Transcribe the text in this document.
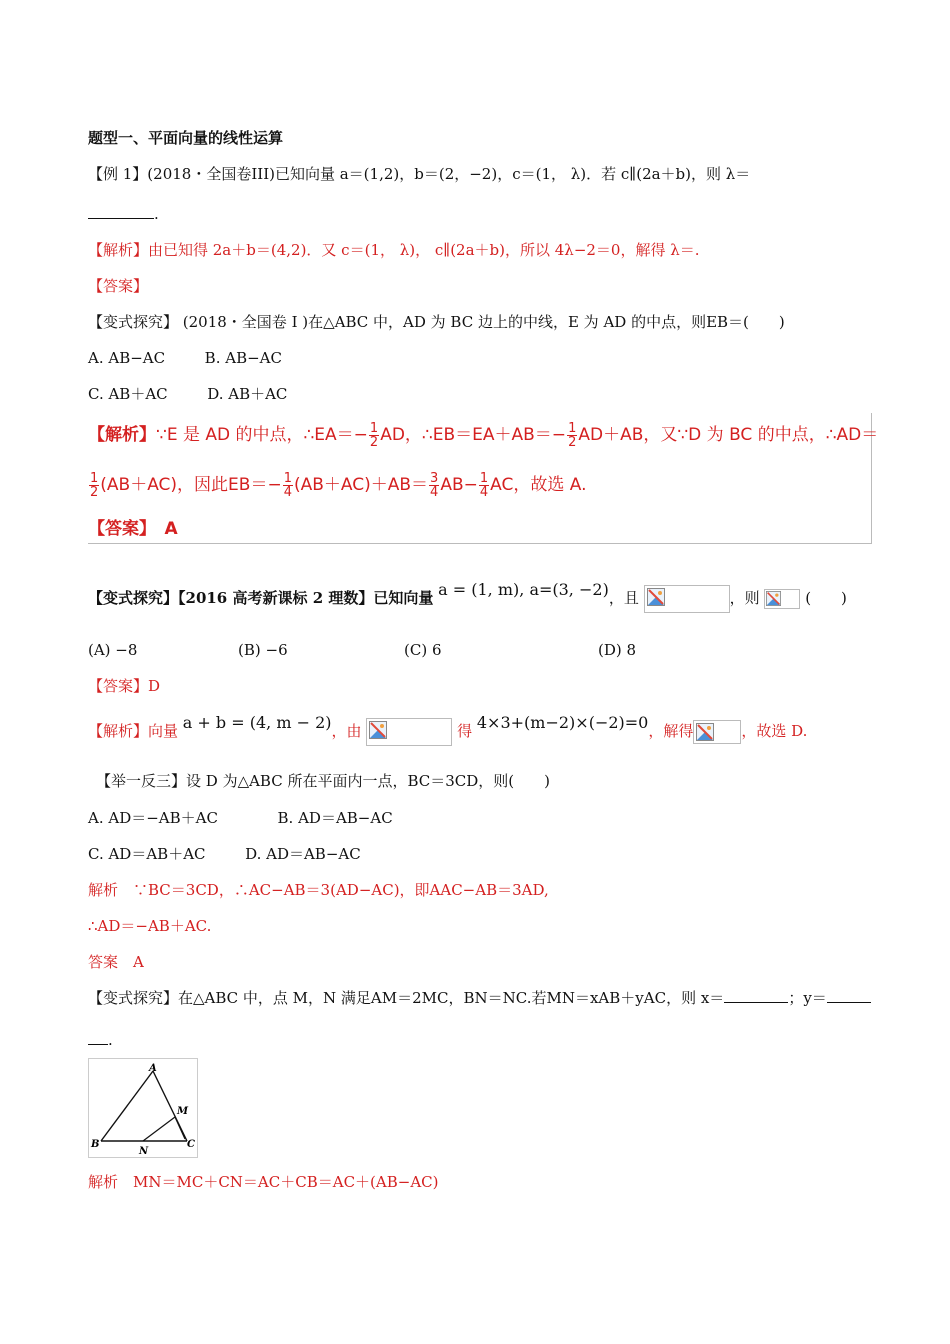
题型一、平面向量的线性运算
【例 1】(2018・全国卷III)已知向量 a＝(1,2)，b＝(2，−2)，c＝(1， λ)．若 c∥(2a＋b)，则 λ＝
.
【解析】由已知得 2a＋b＝(4,2)．又 c＝(1， λ)， c∥(2a＋b)，所以 4λ−2＝0，解得 λ＝.
【答案】
【变式探究】 (2018・全国卷 I )在△ABC 中，AD 为 BC 边上的中线，E 为 AD 的中点，则EB＝(　　)
A. AB−AC	B. AB−AC
C. AB＋AC	D. AB＋AC
【解析】∵E 是 AD 的中点，∴EA＝− $\frac{1}{2}$ AD，∴EB＝EA＋AB＝− $\frac{1}{2} AD+AB$，又∵D 为 BC 的中点，∴AD＝
$\frac{1}{2} (AB+AC)$，因此$EB=- \frac{1}{4} (AB+AC)+AB= \frac{3}{4} AB- \frac{1}{4}$ AC，故选 A.
【答案】　A
【变式探究】【2016 高考新课标 2 理数】已知向量 a = (1, m), a=(3, −2)，且	，则	(　　)
(A) −8	(B) −6	(C) 6	(D) 8
【答案】D
【解析】向量 a + b = (4, m − 2)，由	得 4×3+(m−2)×(−2)=0，解得	，故选 D.
【举一反三】设 D 为△ABC 所在平面内一点，BC＝3CD，则(　　)
A. AD＝−AB＋AC	B. AD＝AB−AC
C. AD＝AB＋AC	D. AD＝AB−AC
解析　∵BC＝3CD，∴AC−AB＝3(AD−AC)，即AAC−AB＝3AD,
∴AD＝−AB＋AC.
答案　A
【变式探究】在△ABC 中，点 M，N 满足AM＝2MC，BN＝NC.若MN＝xAB＋yAC，则 x＝	；y＝
.
A
B	C
M
N
解析　MN＝MC＋CN＝AC＋CB＝AC＋(AB−AC)
